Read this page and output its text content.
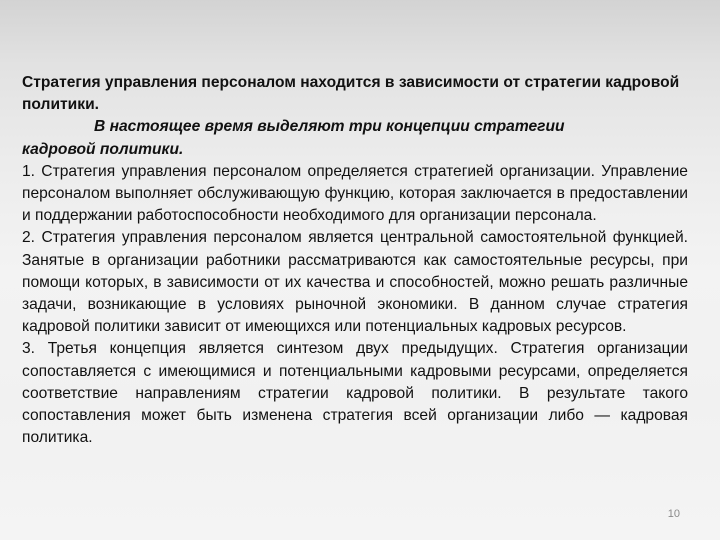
Стратегия управления персоналом находится в зависимости от стратегии кадровой политики.

В настоящее время выделяют три концепции стратегии
кадровой политики.

1. Стратегия управления персоналом определяется стратегией организации. Управление персоналом выполняет обслуживающую функцию, которая заключается в предоставлении и поддержании работоспособности необходимого для организации персонала.

2. Стратегия управления персоналом является центральной самостоятельной функцией. Занятые в организации работники рассматриваются как самостоятельные ресурсы, при помощи которых, в зависимости от их качества и способностей, можно решать различные задачи, возникающие в условиях рыночной экономики. В данном случае стратегия кадровой политики зависит от имеющихся или потенциальных кадровых ресурсов.

3. Третья концепция является синтезом двух предыдущих. Стратегия организации сопоставляется с имеющимися и потенциальными кадровыми ресурсами, определяется соответствие направлениям стратегии кадровой политики. В результате такого сопоставления может быть изменена стратегия всей организации либо — кадровая политика.

10
